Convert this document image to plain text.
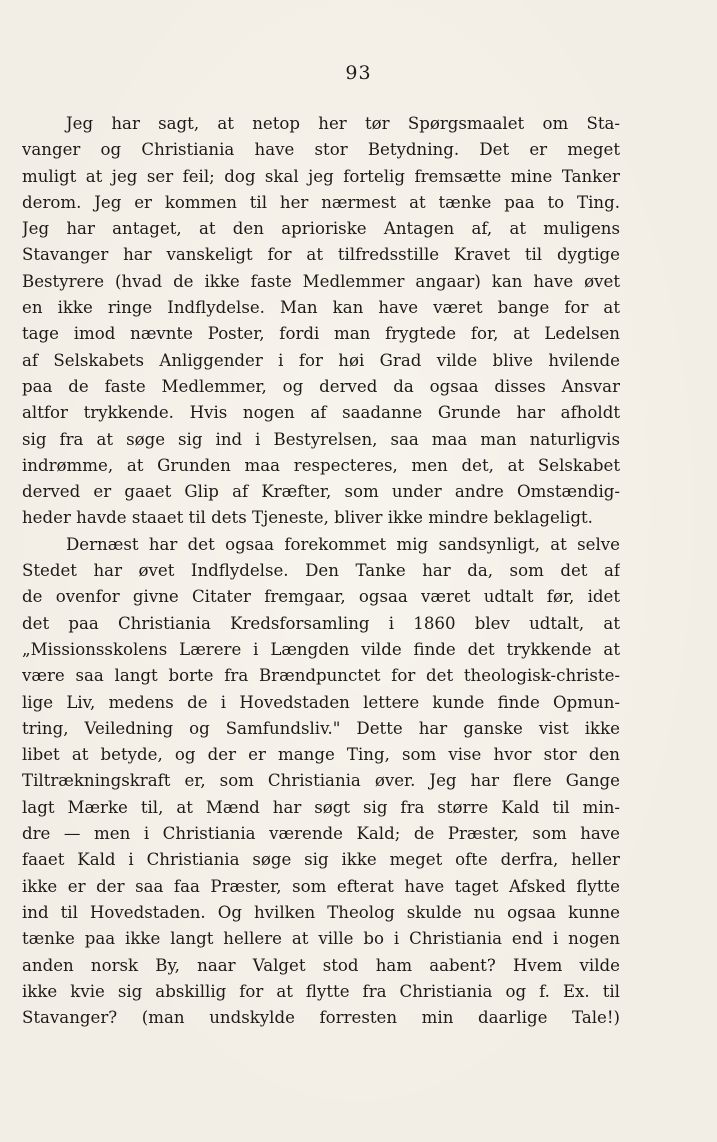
93
Jeg har sagt, at netop her tør Spørgsmaalet om Sta-
vanger og Christiania have stor Betydning. Det er meget
muligt at jeg ser feil; dog skal jeg fortelig fremsætte mine Tanker
derom. Jeg er kommen til her nærmest at tænke paa to Ting.
Jeg har antaget, at den aprioriske Antagen af, at muligens
Stavanger har vanskeligt for at tilfredsstille Kravet til dygtige
Bestyrere (hvad de ikke faste Medlemmer angaar) kan have øvet
en ikke ringe Indflydelse. Man kan have været bange for at
tage imod nævnte Poster, fordi man frygtede for, at Ledelsen
af Selskabets Anliggender i for høi Grad vilde blive hvilende
paa de faste Medlemmer, og derved da ogsaa disses Ansvar
altfor trykkende. Hvis nogen af saadanne Grunde har afholdt
sig fra at søge sig ind i Bestyrelsen, saa maa man naturligvis
indrømme, at Grunden maa respecteres, men det, at Selskabet
derved er gaaet Glip af Kræfter, som under andre Omstændig-
heder havde staaet til dets Tjeneste, bliver ikke mindre beklageligt.
Dernæst har det ogsaa forekommet mig sandsynligt, at selve
Stedet har øvet Indflydelse. Den Tanke har da, som det af
de ovenfor givne Citater fremgaar, ogsaa været udtalt før, idet
det paa Christiania Kredsforsamling i 1860 blev udtalt, at
„Missionsskolens Lærere i Længden vilde finde det trykkende at
være saa langt borte fra Brændpunctet for det theologisk-christe-
lige Liv, medens de i Hovedstaden lettere kunde finde Opmun-
tring, Veiledning og Samfundsliv." Dette har ganske vist ikke
libet at betyde, og der er mange Ting, som vise hvor stor den
Tiltrækningskraft er, som Christiania øver. Jeg har flere Gange
lagt Mærke til, at Mænd har søgt sig fra større Kald til min-
dre — men i Christiania værende Kald; de Præster, som have
faaet Kald i Christiania søge sig ikke meget ofte derfra, heller
ikke er der saa faa Præster, som efterat have taget Afsked flytte
ind til Hovedstaden. Og hvilken Theolog skulde nu ogsaa kunne
tænke paa ikke langt hellere at ville bo i Christiania end i nogen
anden norsk By, naar Valget stod ham aabent? Hvem vilde
ikke kvie sig abskillig for at flytte fra Christiania og f. Ex. til
Stavanger? (man undskylde forresten min daarlige Tale!)
